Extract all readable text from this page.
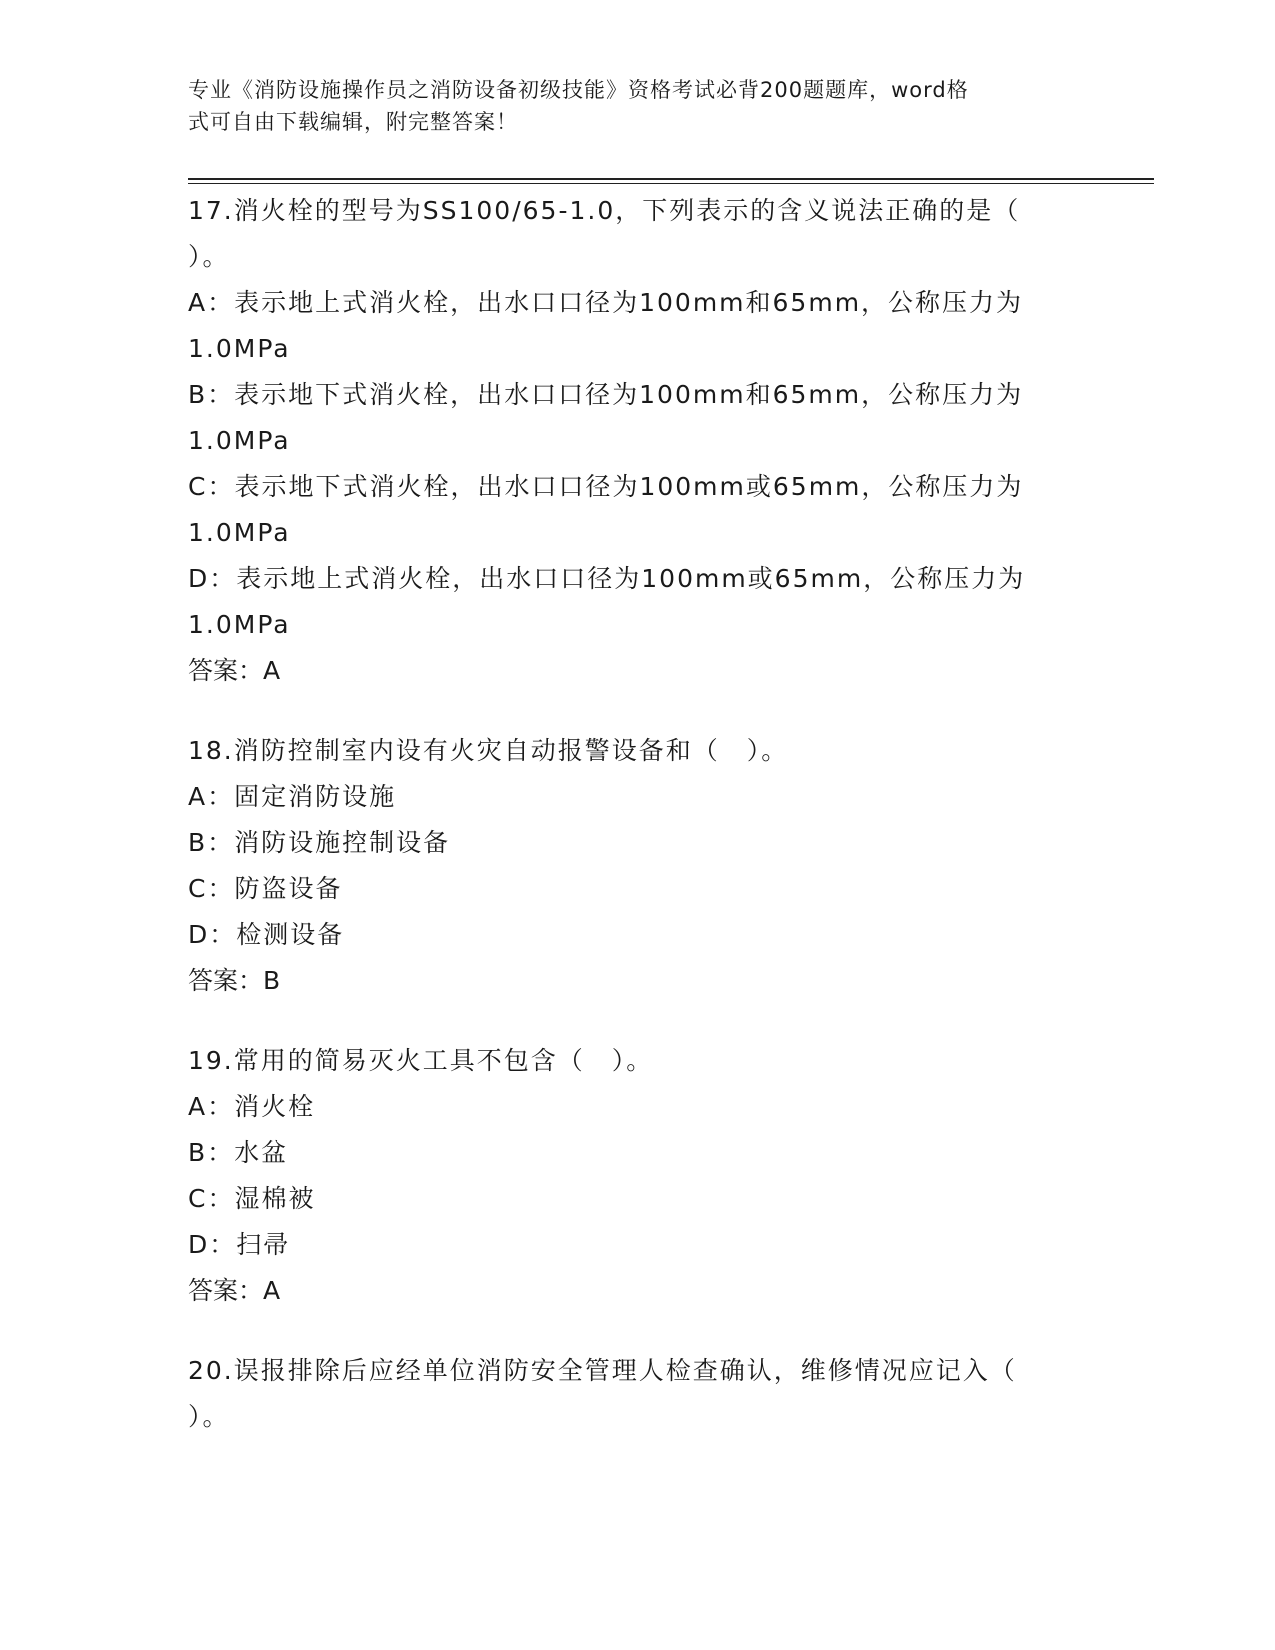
专业《消防设施操作员之消防设备初级技能》资格考试必背200题题库，word格
式可自由下载编辑，附完整答案！
17.消火栓的型号为SS100/65-1.0，下列表示的含义说法正确的是（
）。
A：表示地上式消火栓，出水口口径为100mm和65mm，公称压力为
1.0MPa
B：表示地下式消火栓，出水口口径为100mm和65mm，公称压力为
1.0MPa
C：表示地下式消火栓，出水口口径为100mm或65mm，公称压力为
1.0MPa
D：表示地上式消火栓，出水口口径为100mm或65mm，公称压力为
1.0MPa
答案：A
18.消防控制室内设有火灾自动报警设备和（　）。
A：固定消防设施
B：消防设施控制设备
C：防盗设备
D：检测设备
答案：B
19.常用的简易灭火工具不包含（　）。
A：消火栓
B：水盆
C：湿棉被
D：扫帚
答案：A
20.误报排除后应经单位消防安全管理人检查确认，维修情况应记入（
）。
